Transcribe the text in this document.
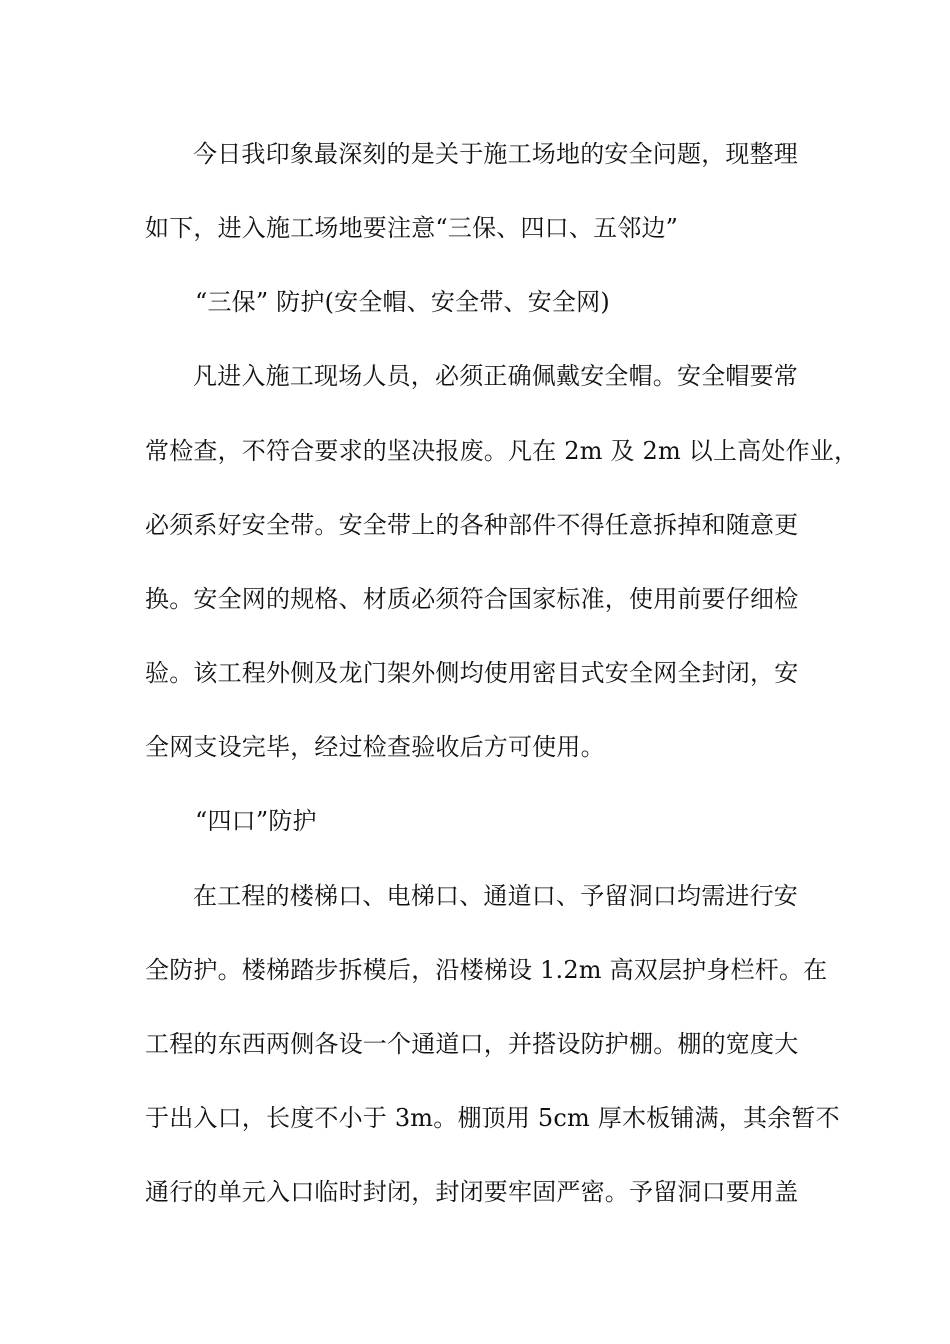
今日我印象最深刻的是关于施工场地的安全问题，现整理
如下，进入施工场地要注意“三保、四口、五邻边”
“三保” 防护(安全帽、安全带、安全网)
凡进入施工现场人员，必须正确佩戴安全帽。安全帽要常
常检查，不符合要求的坚决报废。凡在 2m 及 2m 以上高处作业，
必须系好安全带。安全带上的各种部件不得任意拆掉和随意更
换。安全网的规格、材质必须符合国家标准，使用前要仔细检
验。该工程外侧及龙门架外侧均使用密目式安全网全封闭，安
全网支设完毕，经过检查验收后方可使用。
“四口”防护
在工程的楼梯口、电梯口、通道口、予留洞口均需进行安
全防护。楼梯踏步拆模后，沿楼梯设 1.2m 高双层护身栏杆。在
工程的东西两侧各设一个通道口，并搭设防护棚。棚的宽度大
于出入口，长度不小于 3m。棚顶用 5cm 厚木板铺满，其余暂不
通行的单元入口临时封闭，封闭要牢固严密。予留洞口要用盖
